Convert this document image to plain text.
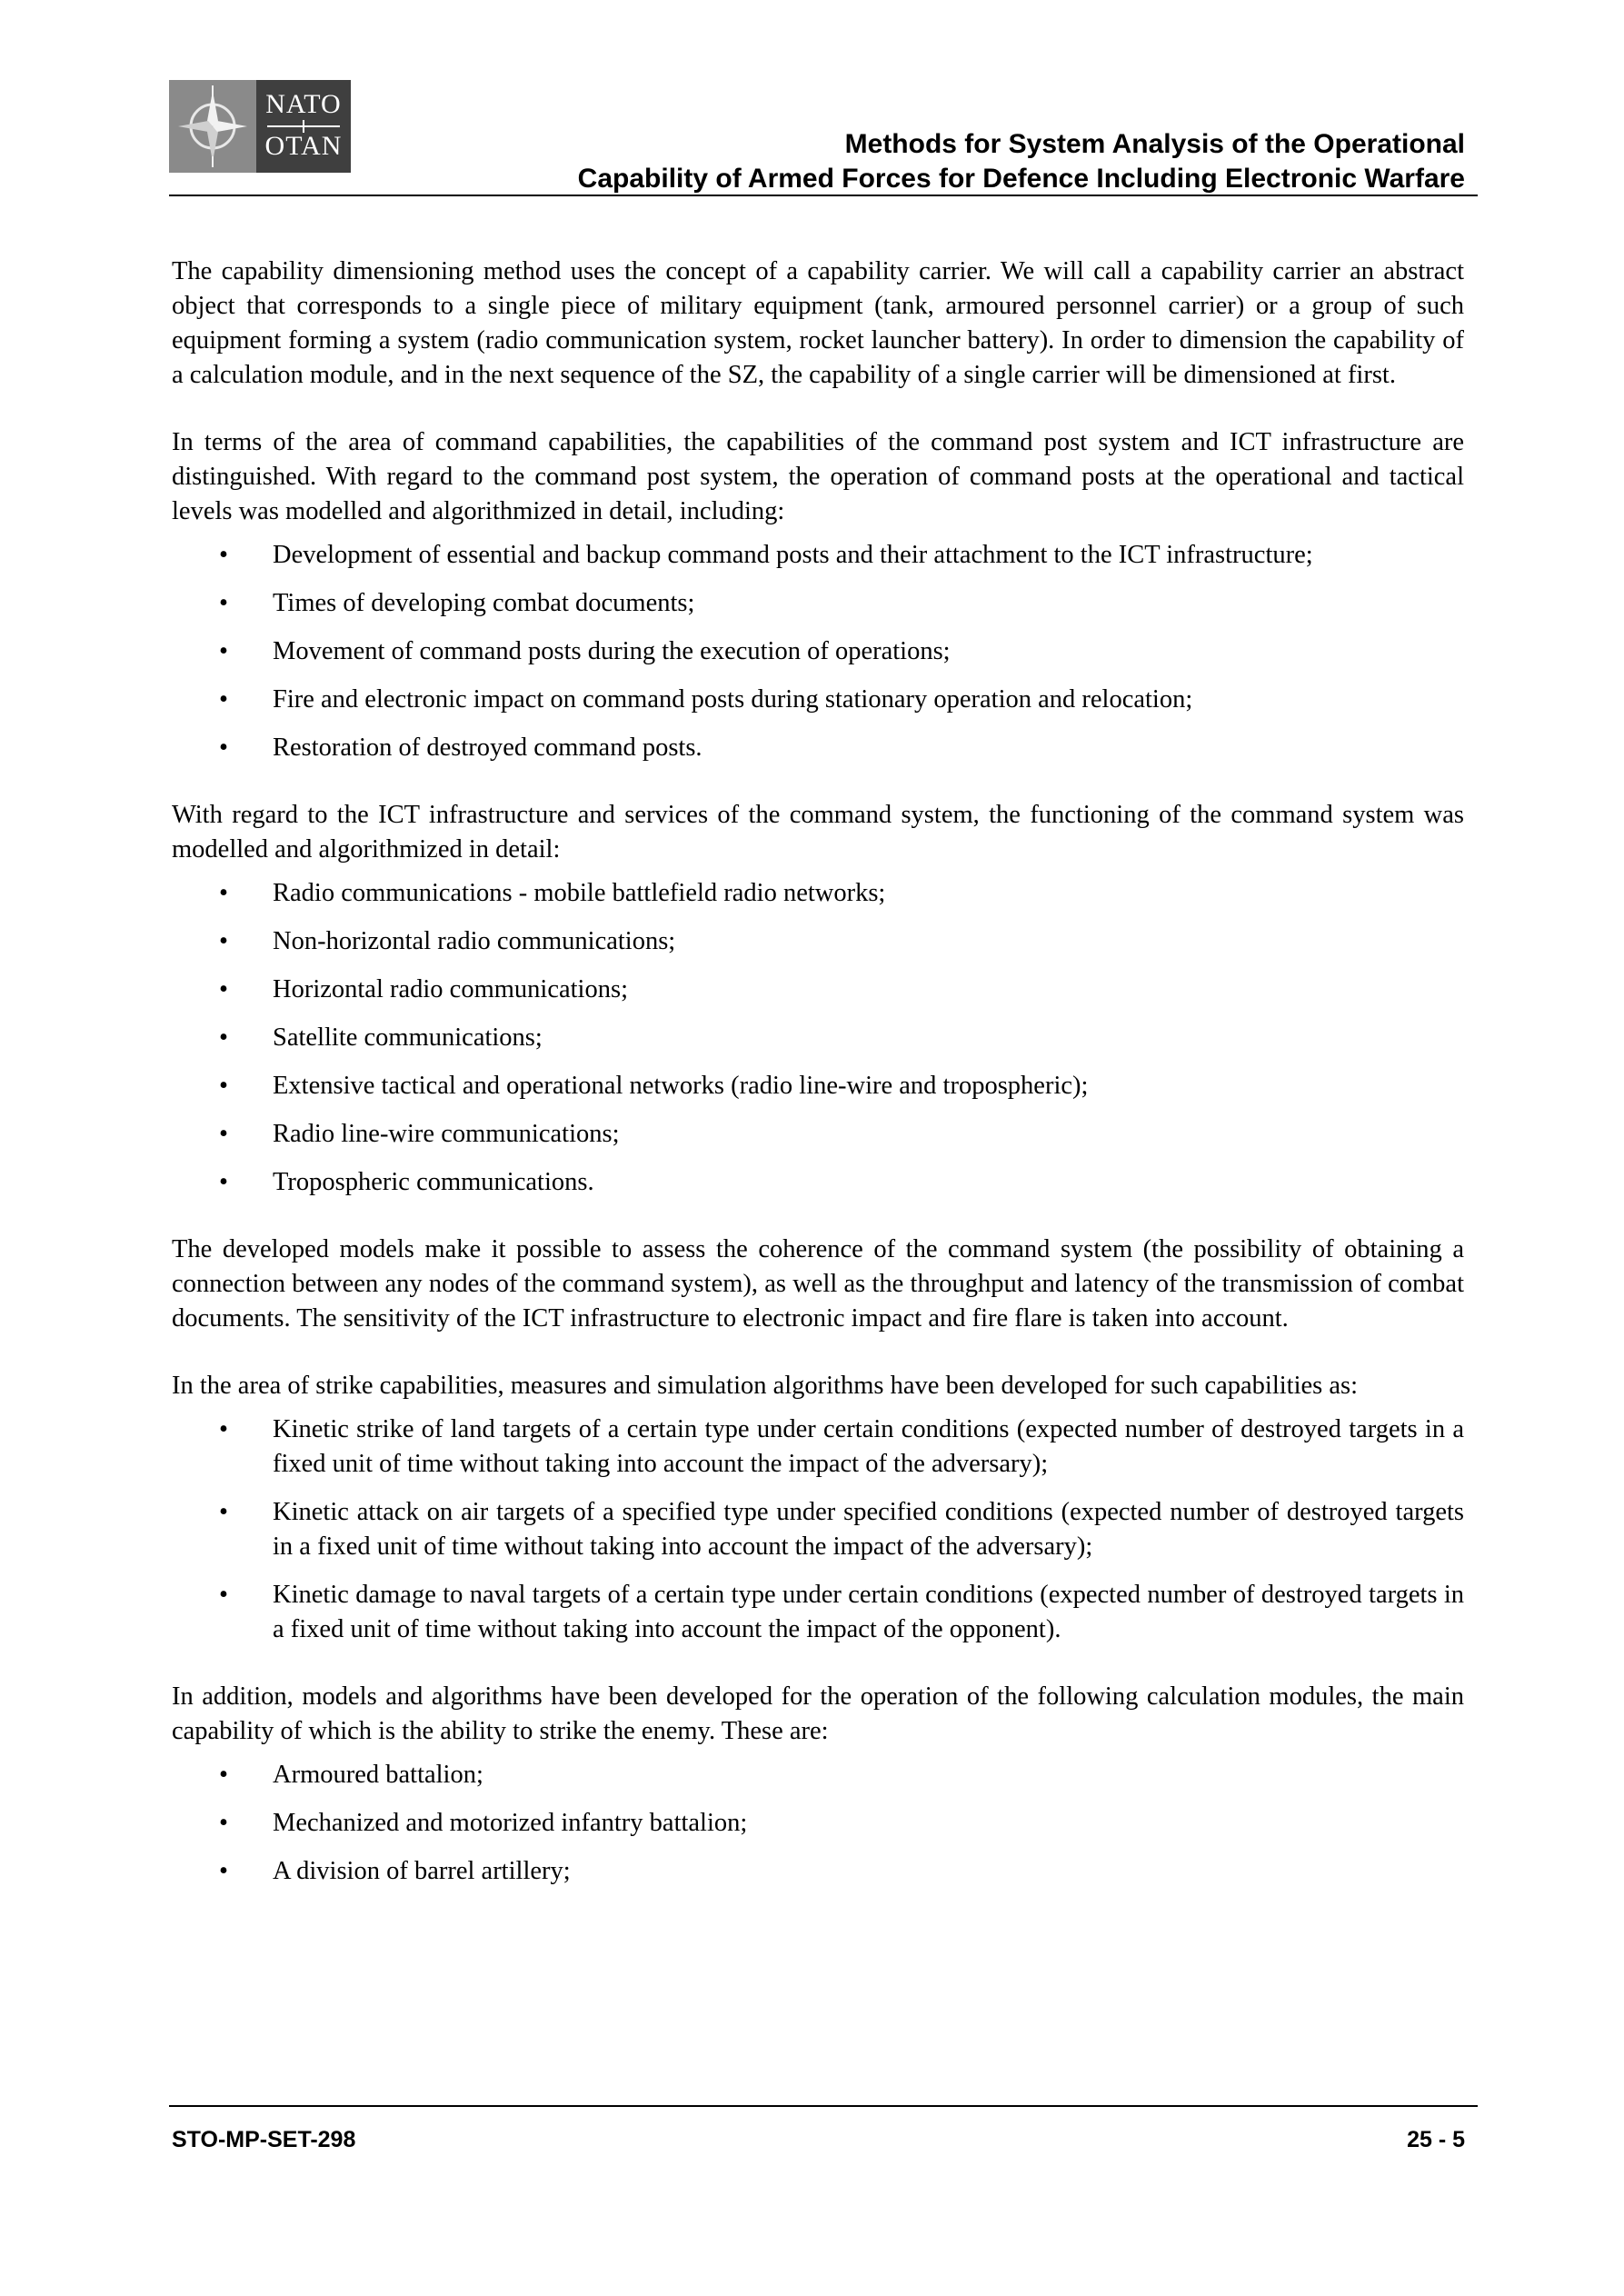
NATO
OTAN	Methods for System Analysis of the Operational
Capability of Armed Forces for Defence Including Electronic Warfare

The capability dimensioning method uses the concept of a capability carrier. We will call a capability carrier an abstract object that corresponds to a single piece of military equipment (tank, armoured personnel carrier) or a group of such equipment forming a system (radio communication system, rocket launcher battery). In order to dimension the capability of a calculation module, and in the next sequence of the SZ, the capability of a single carrier will be dimensioned at first.

In terms of the area of command capabilities, the capabilities of the command post system and ICT infrastructure are distinguished. With regard to the command post system, the operation of command posts at the operational and tactical levels was modelled and algorithmized in detail, including:

• Development of essential and backup command posts and their attachment to the ICT infrastructure;
• Times of developing combat documents;
• Movement of command posts during the execution of operations;
• Fire and electronic impact on command posts during stationary operation and relocation;
• Restoration of destroyed command posts.

With regard to the ICT infrastructure and services of the command system, the functioning of the command system was modelled and algorithmized in detail:

• Radio communications - mobile battlefield radio networks;
• Non-horizontal radio communications;
• Horizontal radio communications;
• Satellite communications;
• Extensive tactical and operational networks (radio line-wire and tropospheric);
• Radio line-wire communications;
• Tropospheric communications.

The developed models make it possible to assess the coherence of the command system (the possibility of obtaining a connection between any nodes of the command system), as well as the throughput and latency of the transmission of combat documents. The sensitivity of the ICT infrastructure to electronic impact and fire flare is taken into account.

In the area of strike capabilities, measures and simulation algorithms have been developed for such capabilities as:

• Kinetic strike of land targets of a certain type under certain conditions (expected number of destroyed targets in a fixed unit of time without taking into account the impact of the adversary);
• Kinetic attack on air targets of a specified type under specified conditions (expected number of destroyed targets in a fixed unit of time without taking into account the impact of the adversary);
• Kinetic damage to naval targets of a certain type under certain conditions (expected number of destroyed targets in a fixed unit of time without taking into account the impact of the opponent).

In addition, models and algorithms have been developed for the operation of the following calculation modules, the main capability of which is the ability to strike the enemy. These are:

• Armoured battalion;
• Mechanized and motorized infantry battalion;
• A division of barrel artillery;
STO-MP-SET-298	25 - 5
